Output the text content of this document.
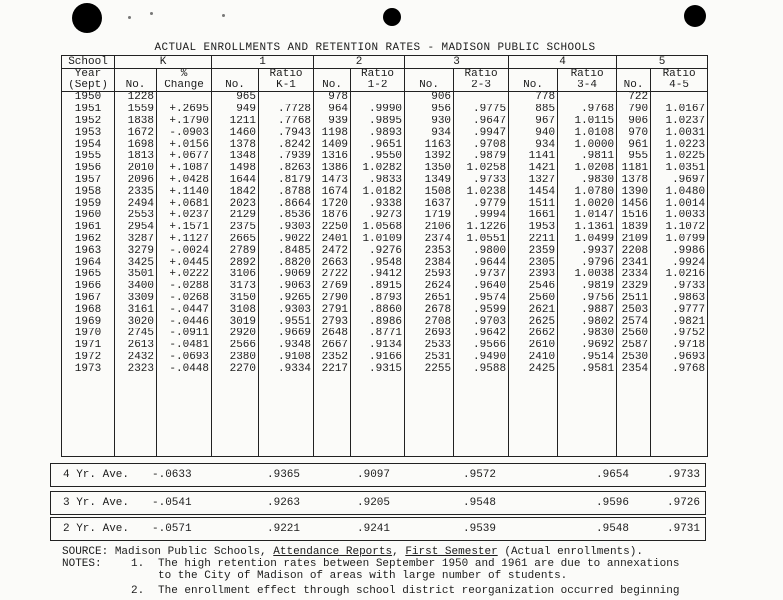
ACTUAL ENROLLMENTS AND RETENTION RATES - MADISON PUBLIC SCHOOLS
School	K		1		2		3		4		5	
Year		%		Ratio		Ratio		Ratio		Ratio		Ratio
(Sept)	No.	Change	No.	K-1	No.	1-2	No.	2-3	No.	3-4	No.	4-5
1950	1228		965		978		906		778		722	
1951	1559	+.2695	949	.7728	964	.9990	956	.9775	885	.9768	790	1.0167
1952	1838	+.1790	1211	.7768	939	.9895	930	.9647	967	1.0115	906	1.0237
1953	1672	-.0903	1460	.7943	1198	.9893	934	.9947	940	1.0108	970	1.0031
1954	1698	+.0156	1378	.8242	1409	.9651	1163	.9708	934	1.0000	961	1.0223
1955	1813	+.0677	1348	.7939	1316	.9550	1392	.9879	1141	.9811	955	1.0225
1956	2010	+.1087	1498	.8263	1386	1.0282	1350	1.0258	1421	1.0208	1181	1.0351
1957	2096	+.0428	1644	.8179	1473	.9833	1349	.9733	1327	.9830	1378	.9697
1958	2335	+.1140	1842	.8788	1674	1.0182	1508	1.0238	1454	1.0780	1390	1.0480
1959	2494	+.0681	2023	.8664	1720	.9338	1637	.9779	1511	1.0020	1456	1.0014
1960	2553	+.0237	2129	.8536	1876	.9273	1719	.9994	1661	1.0147	1516	1.0033
1961	2954	+.1571	2375	.9303	2250	1.0568	2106	1.1226	1953	1.1361	1839	1.1072
1962	3287	+.1127	2665	.9022	2401	1.0109	2374	1.0551	2211	1.0499	2109	1.0799
1963	3279	-.0024	2789	.8485	2472	.9276	2353	.9800	2359	.9937	2208	.9986
1964	3425	+.0445	2892	.8820	2663	.9548	2384	.9644	2305	.9796	2341	.9924
1965	3501	+.0222	3106	.9069	2722	.9412	2593	.9737	2393	1.0038	2334	1.0216
1966	3400	-.0288	3173	.9063	2769	.8915	2624	.9640	2546	.9819	2329	.9733
1967	3309	-.0268	3150	.9265	2790	.8793	2651	.9574	2560	.9756	2511	.9863
1968	3161	-.0447	3108	.9303	2791	.8860	2678	.9599	2621	.9887	2503	.9777
1969	3020	-.0446	3019	.9551	2793	.8986	2708	.9703	2625	.9802	2574	.9821
1970	2745	-.0911	2920	.9669	2648	.8771	2693	.9642	2662	.9830	2560	.9752
1971	2613	-.0481	2566	.9348	2667	.9134	2533	.9566	2610	.9692	2587	.9718
1972	2432	-.0693	2380	.9108	2352	.9166	2531	.9490	2410	.9514	2530	.9693
1973	2323	-.0448	2270	.9334	2217	.9315	2255	.9588	2425	.9581	2354	.9768

4 Yr. Ave. -.0633	.9365	.9097	.9572	.9654	.9733
3 Yr. Ave. -.0541	.9263	.9205	.9548	.9596	.9726
2 Yr. Ave. -.0571	.9221	.9241	.9539	.9548	.9731
SOURCE: Madison Public Schools, Attendance Reports, First Semester (Actual enrollments).
NOTES:	1. The high retention rates between September 1950 and 1961 are due to annexations
to the City of Madison of areas with large number of students.
2. The enrollment effect through school district reorganization occurred beginning
